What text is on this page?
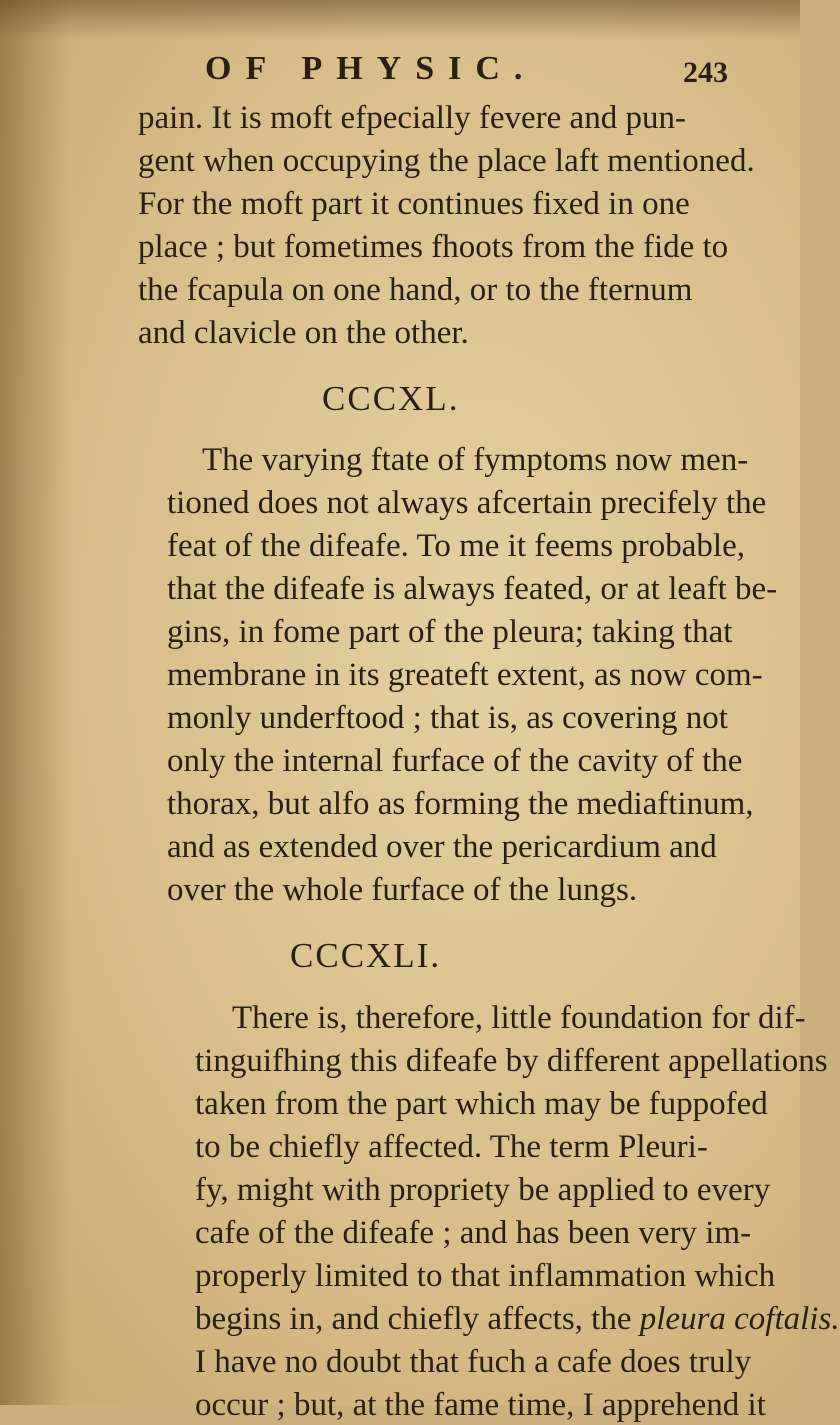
OF PHYSIC.	243
pain. It is moft efpecially fevere and pun-
gent when occupying the place laft mentioned.
For the moft part it continues fixed in one
place ; but fometimes fhoots from the fide to
the fcapula on one hand, or to the fternum
and clavicle on the other.
CCCXL.
The varying ftate of fymptoms now men-
tioned does not always afcertain precifely the
feat of the difeafe. To me it feems probable,
that the difeafe is always feated, or at leaft be-
gins, in fome part of the pleura; taking that
membrane in its greateft extent, as now com-
monly underftood ; that is, as covering not
only the internal furface of the cavity of the
thorax, but alfo as forming the mediaftinum,
and as extended over the pericardium and
over the whole furface of the lungs.
CCCXLI.
There is, therefore, little foundation for dif-
tinguifhing this difeafe by different appellations
taken from the part which may be fuppofed
to be chiefly affected. The term Pleuri-
fy, might with propriety be applied to every
cafe of the difeafe ; and has been very im-
properly limited to that inflammation which
begins in, and chiefly affects, the pleura coftalis.
I have no doubt that fuch a cafe does truly
occur ; but, at the fame time, I apprehend it
